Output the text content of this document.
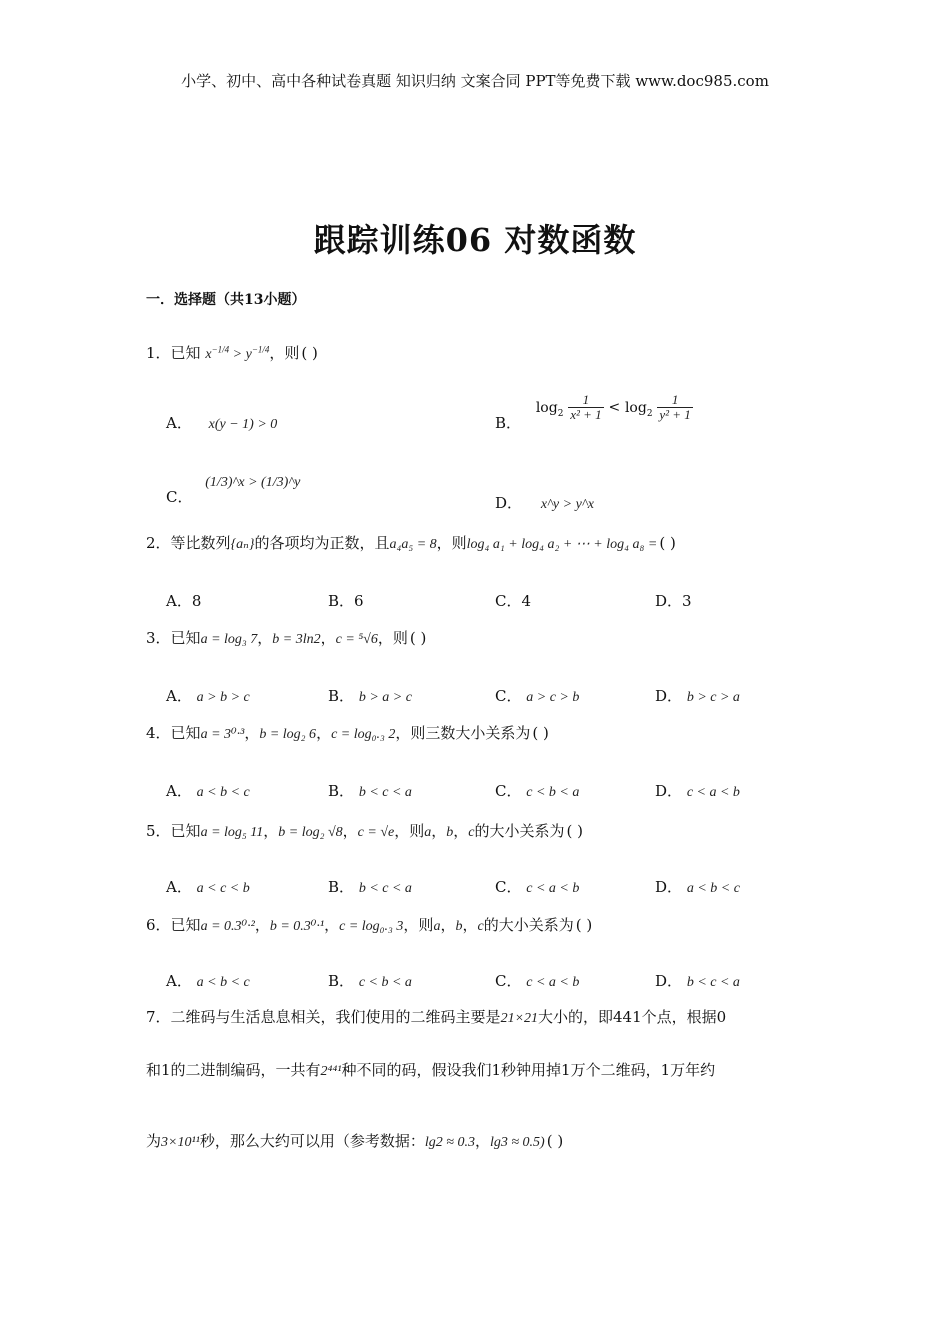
小学、初中、高中各种试卷真题 知识归纳 文案合同 PPT等免费下载 www.doc985.com
跟踪训练06 对数函数
一．选择题（共13小题）
1．已知 $x^{-1/4} > y^{-1/4}$，则 ( )
A． x(y − 1) > 0	B． $\log_2 \frac{1}{\text{x² + 1}} < \log_2 \frac{1}{\text{y² + 1}}$
C． (1/3)^x > (1/3)^y
D． x^y > y^x
2．等比数列{aₙ}的各项均为正数，且a₄a₅ = 8，则log₄ a₁ + log₄ a₂ + ⋯ + log₄ a₈ = ( )
A．8	B．6	C．4	D．3
3．已知a = log₃ 7，b = 3ln2，c = ⁵√6，则 ( )
A． a > b > c	B． b > a > c	C． a > c > b	D． b > c > a
4．已知a = 3⁰·³，b = log₂ 6，c = log₀.₃ 2，则三数大小关系为 ( )
A． a < b < c	B． b < c < a	C． c < b < a	D． c < a < b
5．已知a = log₅ 11，b = log₂ √8，c = √e，则a，b，c的大小关系为 ( )
A． a < c < b	B． b < c < a	C． c < a < b	D． a < b < c
6．已知a = 0.3⁰·²，b = 0.3⁰·¹，c = log₀.₃ 3，则a，b，c的大小关系为 ( )
A． a < b < c	B． c < b < a	C． c < a < b	D． b < c < a
7．二维码与生活息息相关，我们使用的二维码主要是21×21大小的，即441个点，根据0
和1的二进制编码，一共有2⁴⁴¹种不同的码，假设我们1秒钟用掉1万个二维码，1万年约
为3×10¹¹秒，那么大约可以用（参考数据：lg2 ≈ 0.3，lg3 ≈ 0.5) ( )
